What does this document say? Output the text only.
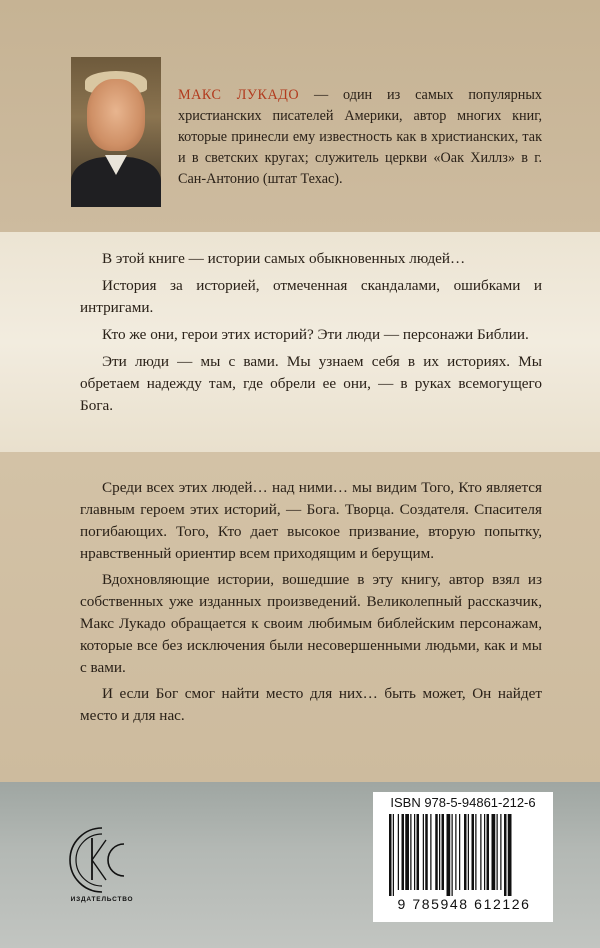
МАКС ЛУКАДО — один из самых популярных христианских писателей Америки, автор многих книг, которые принесли ему известность как в христианских, так и в светских кругах; служитель церкви «Оак Хиллз» в г. Сан-Антонио (штат Техас).

В этой книге — истории самых обыкновенных людей…

История за историей, отмеченная скандалами, ошибками и интригами.

Кто же они, герои этих историй? Эти люди — персонажи Библии.

Эти люди — мы с вами. Мы узнаем себя в их историях. Мы обретаем надежду там, где обрели ее они, — в руках всемогущего Бога.

Среди всех этих людей… над ними… мы видим Того, Кто является главным героем этих историй, — Бога. Творца. Создателя. Спасителя погибающих. Того, Кто дает высокое призвание, вторую попытку, нравственный ориентир всем приходящим и берущим.

Вдохновляющие истории, вошедшие в эту книгу, автор взял из собственных уже изданных произведений. Великолепный рассказчик, Макс Лукадо обращается к своим любимым библейским персонажам, которые все без исключения были несовершенными людьми, как и мы с вами.

И если Бог смог найти место для них… быть может, Он найдет место и для нас.

ИЗДАТЕЛЬСТВО
ISBN 978-5-94861-212-6
9 785948 612126
